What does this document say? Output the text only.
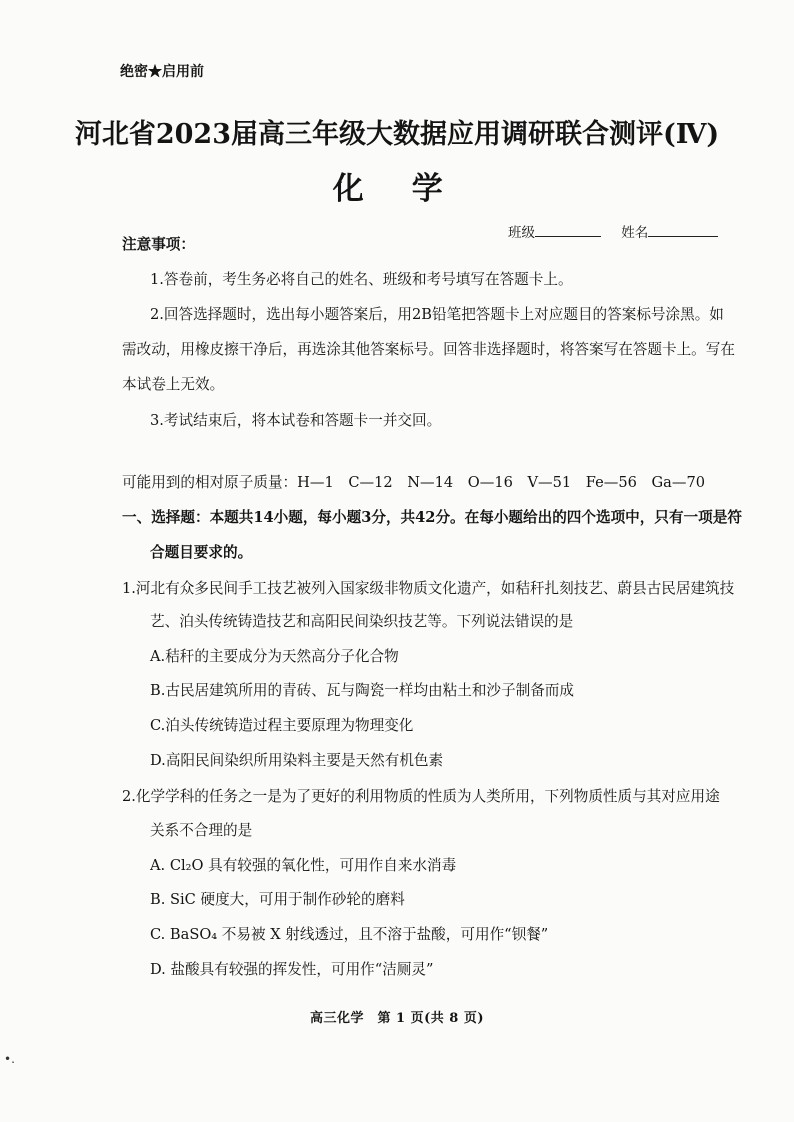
绝密★启用前
河北省2023届高三年级大数据应用调研联合测评(Ⅳ)
化 学
班级	姓名
注意事项：
1.答卷前，考生务必将自己的姓名、班级和考号填写在答题卡上。
2.回答选择题时，选出每小题答案后，用2B铅笔把答题卡上对应题目的答案标号涂黑。如
需改动，用橡皮擦干净后，再选涂其他答案标号。回答非选择题时，将答案写在答题卡上。写在
本试卷上无效。
3.考试结束后，将本试卷和答题卡一并交回。
可能用到的相对原子质量：H—1　C—12　N—14　O—16　V—51　Fe—56　Ga—70
一、选择题：本题共14小题，每小题3分，共42分。在每小题给出的四个选项中，只有一项是符
合题目要求的。
1.河北有众多民间手工技艺被列入国家级非物质文化遗产，如秸秆扎刻技艺、蔚县古民居建筑技
艺、泊头传统铸造技艺和高阳民间染织技艺等。下列说法错误的是
A.秸秆的主要成分为天然高分子化合物
B.古民居建筑所用的青砖、瓦与陶瓷一样均由粘土和沙子制备而成
C.泊头传统铸造过程主要原理为物理变化
D.高阳民间染织所用染料主要是天然有机色素
2.化学学科的任务之一是为了更好的利用物质的性质为人类所用，下列物质性质与其对应用途
关系不合理的是
A. Cl₂O 具有较强的氧化性，可用作自来水消毒
B. SiC 硬度大，可用于制作砂轮的磨料
C. BaSO₄ 不易被 X 射线透过，且不溶于盐酸，可用作“钡餐”
D. 盐酸具有较强的挥发性，可用作“洁厕灵”
高三化学　第 1 页(共 8 页)
•.
